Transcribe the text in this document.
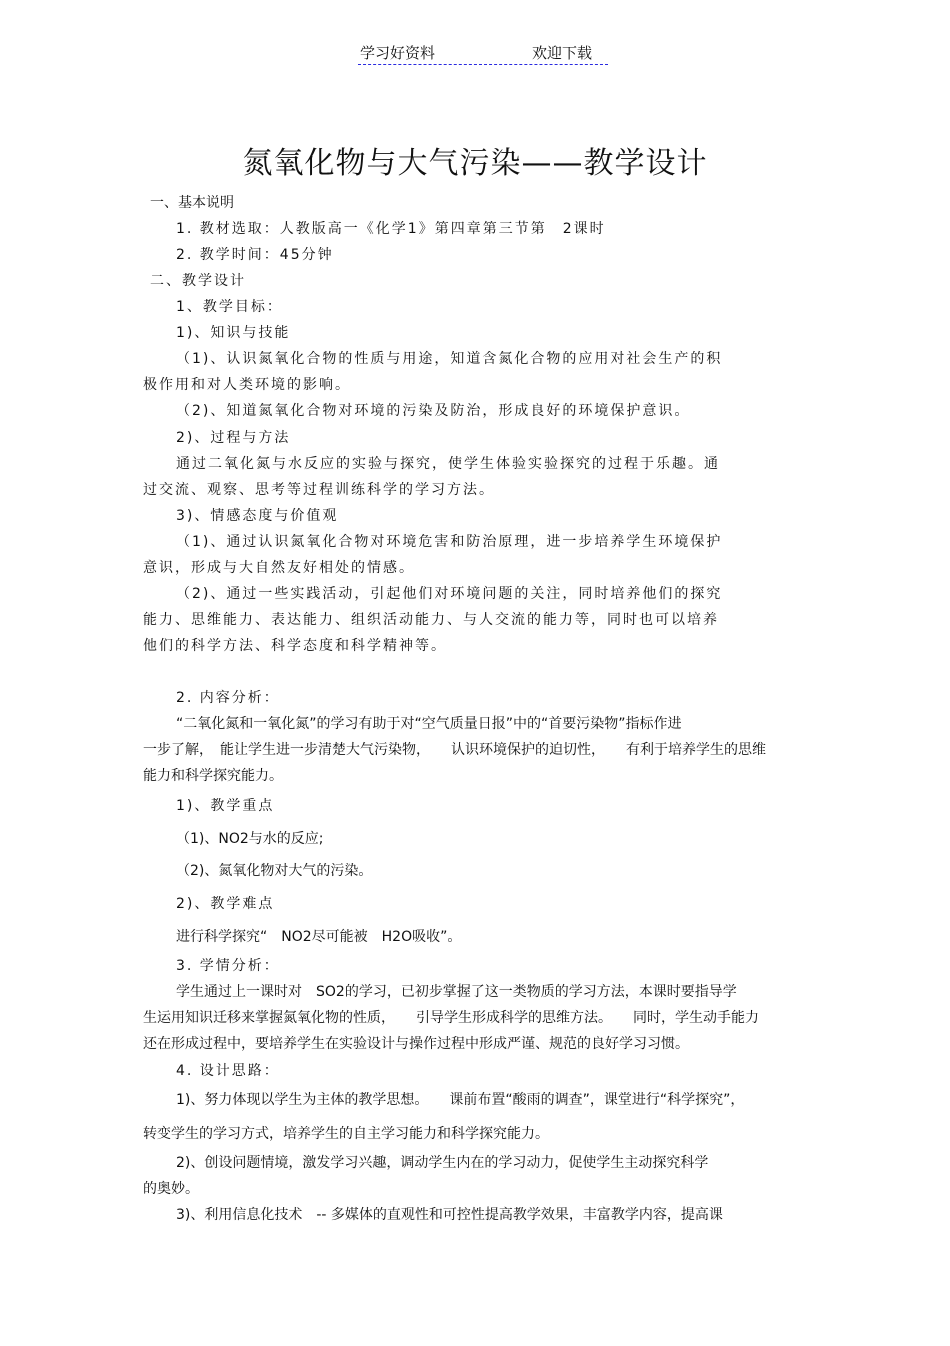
学习好资料	欢迎下载
氮氧化物与大气污染——教学设计
一、基本说明
1. 教材选取：人教版高一《化学1》第四章第三节第　2课时
2. 教学时间：45分钟
二、教学设计
1、教学目标：
1)、知识与技能
（1)、认识氮氧化合物的性质与用途，知道含氮化合物的应用对社会生产的积
极作用和对人类环境的影响。
（2)、知道氮氧化合物对环境的污染及防治，形成良好的环境保护意识。
2)、过程与方法
通过二氧化氮与水反应的实验与探究，使学生体验实验探究的过程于乐趣。通
过交流、观察、思考等过程训练科学的学习方法。
3)、情感态度与价值观
（1)、通过认识氮氧化合物对环境危害和防治原理，进一步培养学生环境保护
意识，形成与大自然友好相处的情感。
（2)、通过一些实践活动，引起他们对环境问题的关注，同时培养他们的探究
能力、思维能力、表达能力、组织活动能力、与人交流的能力等，同时也可以培养
他们的科学方法、科学态度和科学精神等。
2. 内容分析：
“二氧化氮和一氧化氮”的学习有助于对“空气质量日报”中的“首要污染物”指标作进
一步了解，　能让学生进一步清楚大气污染物，　　认识环境保护的迫切性，　　有利于培养学生的思维
能力和科学探究能力。
1)、教学重点
（1)、NO2与水的反应;
（2)、氮氧化物对大气的污染。
2)、教学难点
进行科学探究“　NO2尽可能被　H2O吸收”。
3. 学情分析：
学生通过上一课时对　SO2的学习，已初步掌握了这一类物质的学习方法，本课时要指导学
生运用知识迁移来掌握氮氧化物的性质，　　引导学生形成科学的思维方法。　　同时，学生动手能力
还在形成过程中，要培养学生在实验设计与操作过程中形成严谨、规范的良好学习习惯。
4. 设计思路：
1)、努力体现以学生为主体的教学思想。　　课前布置“酸雨的调查”，课堂进行“科学探究”，
转变学生的学习方式，培养学生的自主学习能力和科学探究能力。
2)、创设问题情境，激发学习兴趣，调动学生内在的学习动力，促使学生主动探究科学
的奥妙。
3)、利用信息化技术　-- 多媒体的直观性和可控性提高教学效果，丰富教学内容，提高课
